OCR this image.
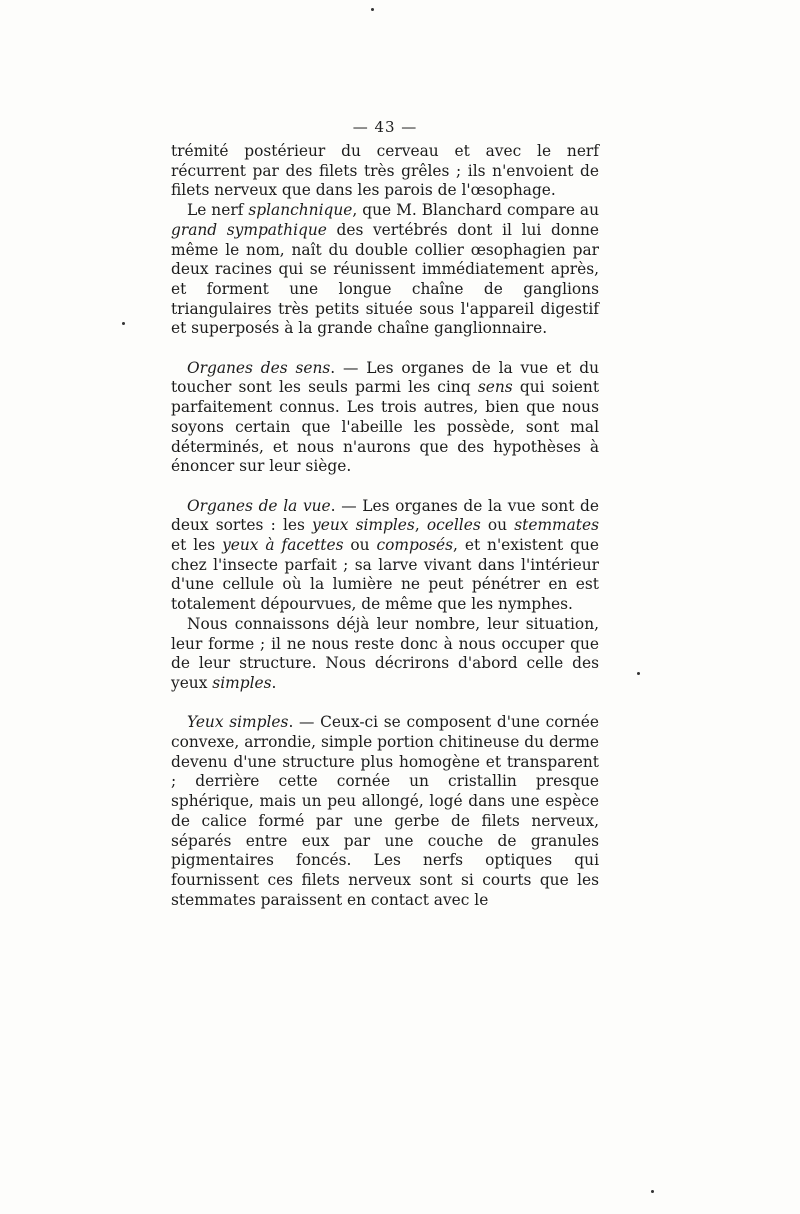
— 43 —

trémité postérieur du cerveau et avec le nerf récurrent par des filets très grêles ; ils n'envoient de filets nerveux que dans les parois de l'œsophage.

Le nerf splanchnique, que M. Blanchard compare au grand sympathique des vertébrés dont il lui donne même le nom, naît du double collier œsophagien par deux racines qui se réunissent immédiatement après, et forment une longue chaîne de ganglions triangulaires très petits située sous l'appareil digestif et superposés à la grande chaîne ganglionnaire.

Organes des sens. — Les organes de la vue et du toucher sont les seuls parmi les cinq sens qui soient parfaitement connus. Les trois autres, bien que nous soyons certain que l'abeille les possède, sont mal déterminés, et nous n'aurons que des hypothèses à énoncer sur leur siège.

Organes de la vue. — Les organes de la vue sont de deux sortes : les yeux simples, ocelles ou stemmates et les yeux à facettes ou composés, et n'existent que chez l'insecte parfait ; sa larve vivant dans l'intérieur d'une cellule où la lumière ne peut pénétrer en est totalement dépourvues, de même que les nymphes.

Nous connaissons déjà leur nombre, leur situation, leur forme ; il ne nous reste donc à nous occuper que de leur structure. Nous décrirons d'abord celle des yeux simples.

Yeux simples. — Ceux-ci se composent d'une cornée convexe, arrondie, simple portion chitineuse du derme devenu d'une structure plus homogène et transparent ; derrière cette cornée un cristallin presque sphérique, mais un peu allongé, logé dans une espèce de calice formé par une gerbe de filets nerveux, séparés entre eux par une couche de granules pigmentaires foncés. Les nerfs optiques qui fournissent ces filets nerveux sont si courts que les stemmates paraissent en contact avec le
